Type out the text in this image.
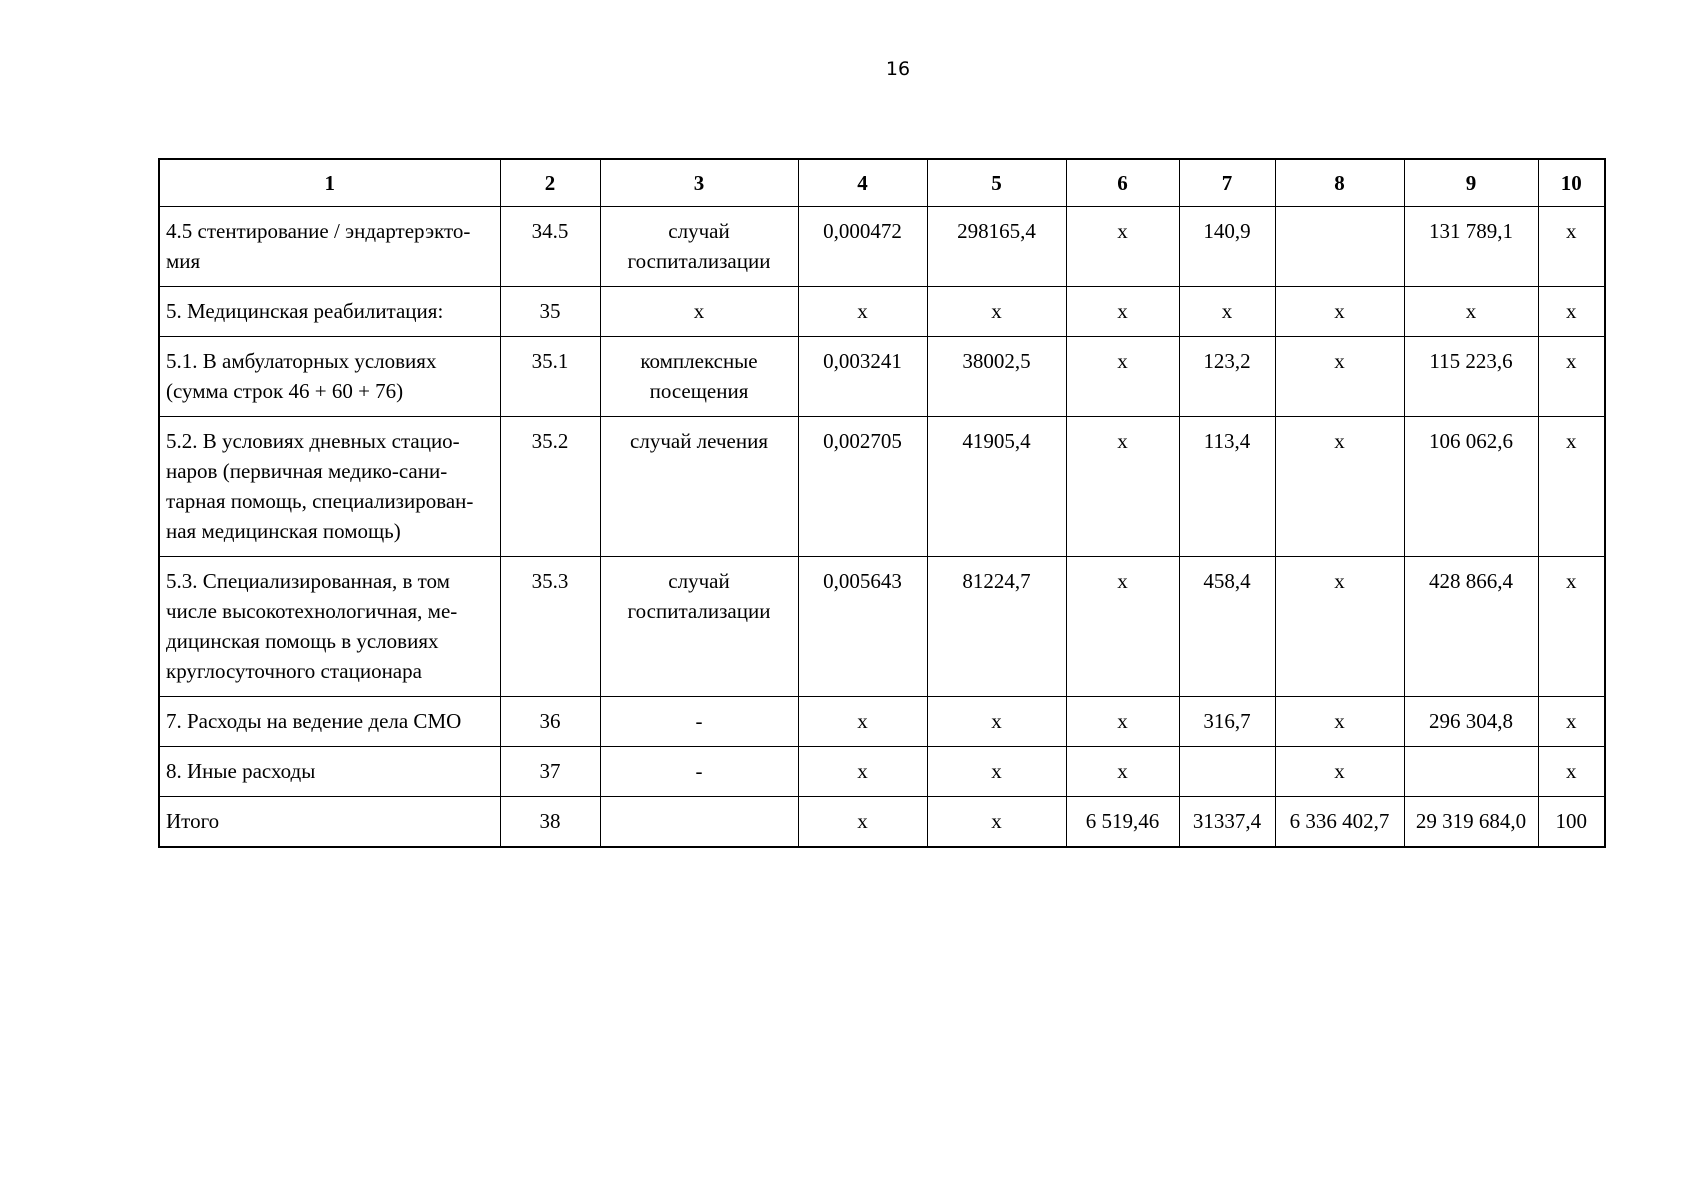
16
1	2	3	4	5	6	7	8	9	10
4.5 стентирование / эндартерэкто-мия	34.5	случай госпитализации	0,000472	298165,4	х	140,9		131 789,1	х
5. Медицинская реабилитация:	35	х	х	х	х	х	х	х	х
5.1. В амбулаторных условиях (сумма строк 46 + 60 + 76)	35.1	комплексные посещения	0,003241	38002,5	х	123,2	х	115 223,6	х
5.2. В условиях дневных стацио-наров (первичная медико-сани-тарная помощь, специализирован-ная медицинская помощь)	35.2	случай лечения	0,002705	41905,4	х	113,4	х	106 062,6	х
5.3. Специализированная, в том числе высокотехнологичная, ме-дицинская помощь в условиях круглосуточного стационара	35.3	случай госпитализации	0,005643	81224,7	х	458,4	х	428 866,4	х
7. Расходы на ведение дела СМО	36	-	х	х	х	316,7	х	296 304,8	х
8. Иные расходы	37	-	х	х	х		х		х
Итого	38		х	х	6 519,46	31337,4	6 336 402,7	29 319 684,0	100
